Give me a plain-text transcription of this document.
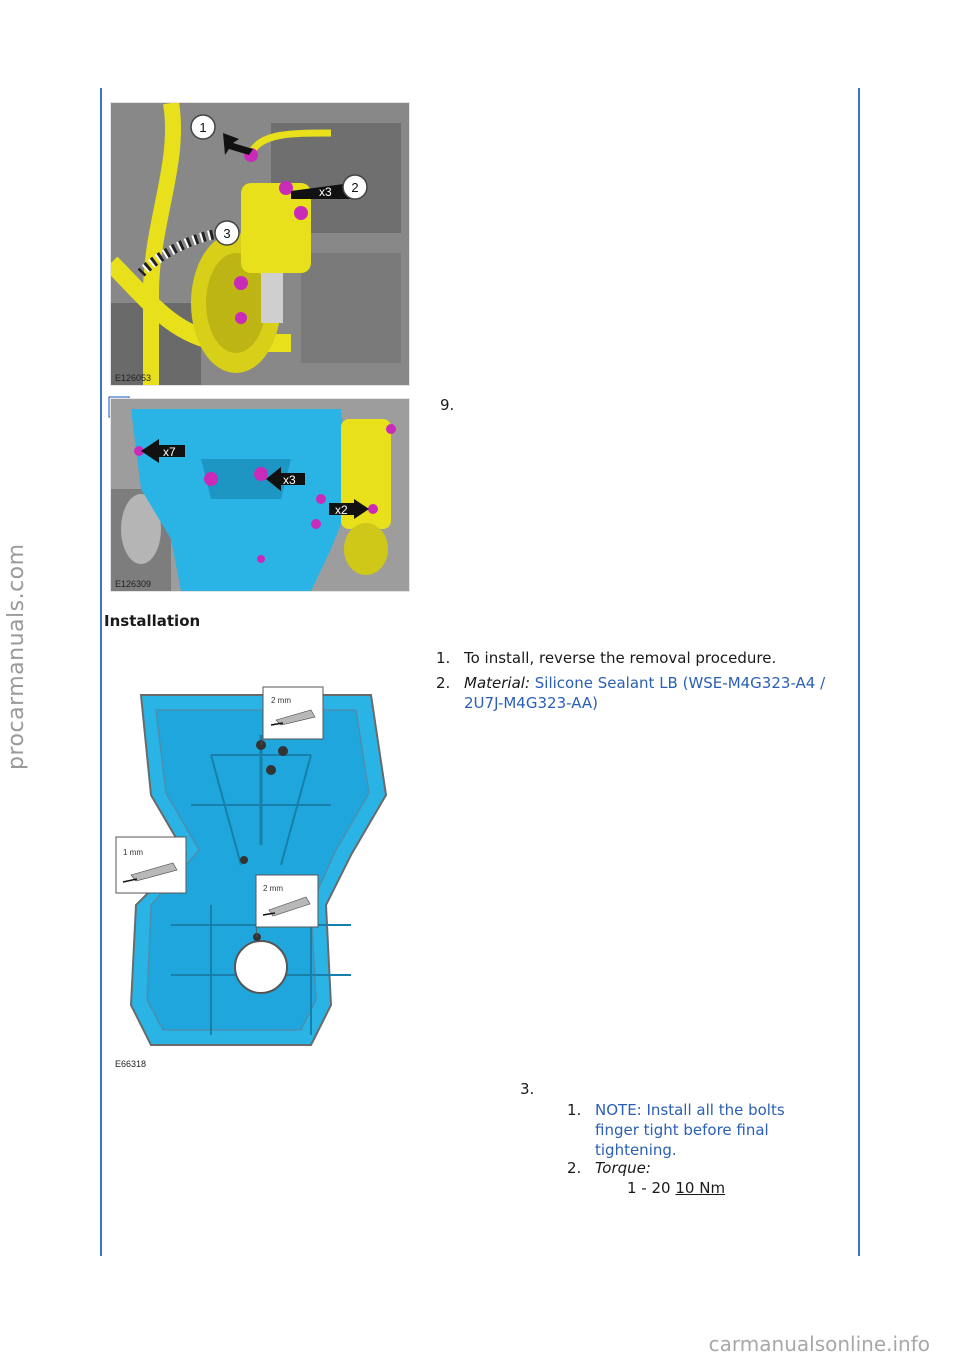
procarmanuals.com
carmanualsonline.info
1
2
3
x3
E126053
x7
x3
x2
E126309
9.
Installation
1. To install, reverse the removal procedure.
2. Material: Silicone Sealant LB (WSE-M4G323-A4 /
2U7J-M4G323-AA)
2 mm
1 mm
2 mm
E66318
3.
1. NOTE: Install all the bolts
finger tight before final
tightening.
2. Torque:
1 - 20 10 Nm
